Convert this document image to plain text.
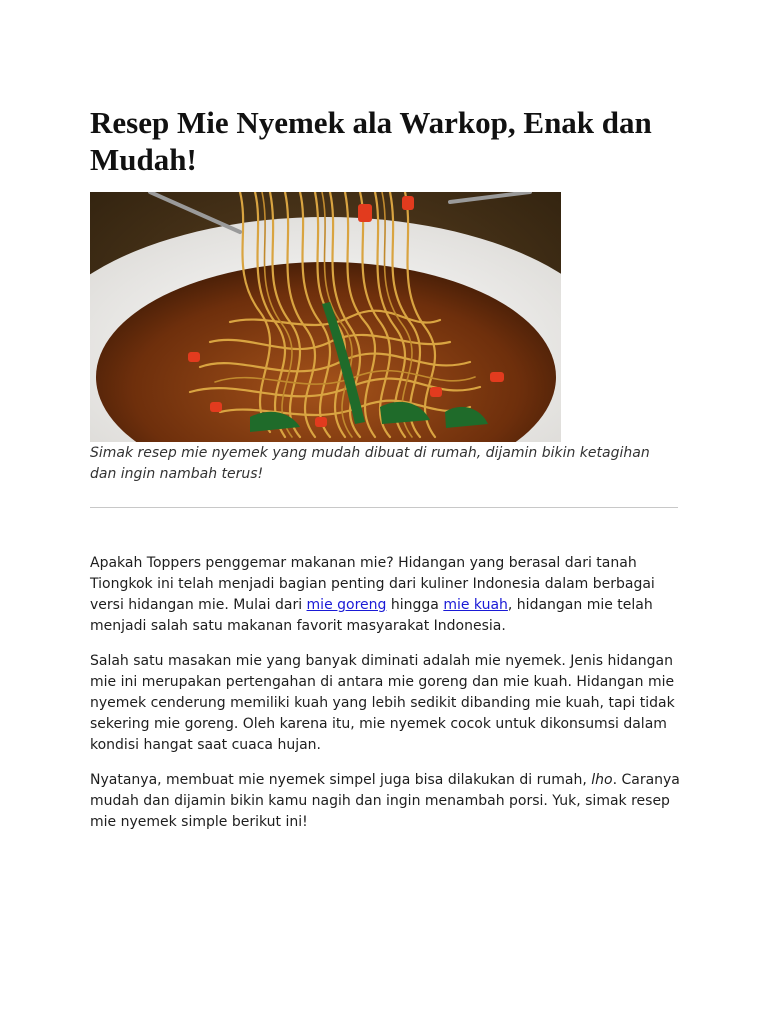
Resep Mie Nyemek ala Warkop, Enak dan Mudah!

Simak resep mie nyemek yang mudah dibuat di rumah, dijamin bikin ketagihan dan ingin nambah terus!

Apakah Toppers penggemar makanan mie? Hidangan yang berasal dari tanah Tiongkok ini telah menjadi bagian penting dari kuliner Indonesia dalam berbagai versi hidangan mie. Mulai dari mie goreng hingga mie kuah, hidangan mie telah menjadi salah satu makanan favorit masyarakat Indonesia.

Salah satu masakan mie yang banyak diminati adalah mie nyemek. Jenis hidangan mie ini merupakan pertengahan di antara mie goreng dan mie kuah. Hidangan mie nyemek cenderung memiliki kuah yang lebih sedikit dibanding mie kuah, tapi tidak sekering mie goreng. Oleh karena itu, mie nyemek cocok untuk dikonsumsi dalam kondisi hangat saat cuaca hujan.

Nyatanya, membuat mie nyemek simpel juga bisa dilakukan di rumah, lho. Caranya mudah dan dijamin bikin kamu nagih dan ingin menambah porsi. Yuk, simak resep mie nyemek simple berikut ini!
